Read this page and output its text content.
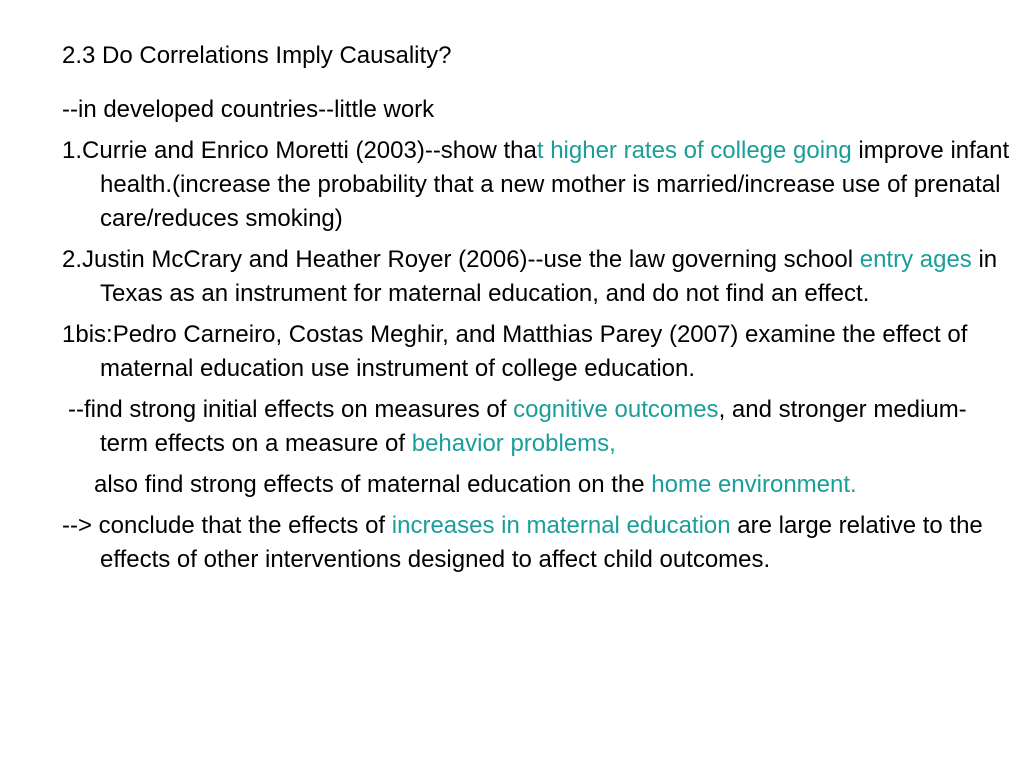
2.3 Do Correlations Imply Causality?

--in developed countries--little work

1.Currie and Enrico Moretti (2003)--show that higher rates of college going improve infant health.(increase the probability that a new mother is married/increase use of prenatal care/reduces smoking)

2.Justin McCrary and Heather Royer (2006)--use the law governing school entry ages in Texas as an instrument for maternal education, and do not find an effect.

1bis:Pedro Carneiro, Costas Meghir, and Matthias Parey (2007) examine the effect of maternal education use instrument of college education.

--find strong initial effects on measures of cognitive outcomes, and stronger medium-term effects on a measure of behavior problems,

also find strong effects of maternal education on the home environment.

--> conclude that the effects of increases in maternal education are large relative to the effects of other interventions designed to affect child outcomes.
